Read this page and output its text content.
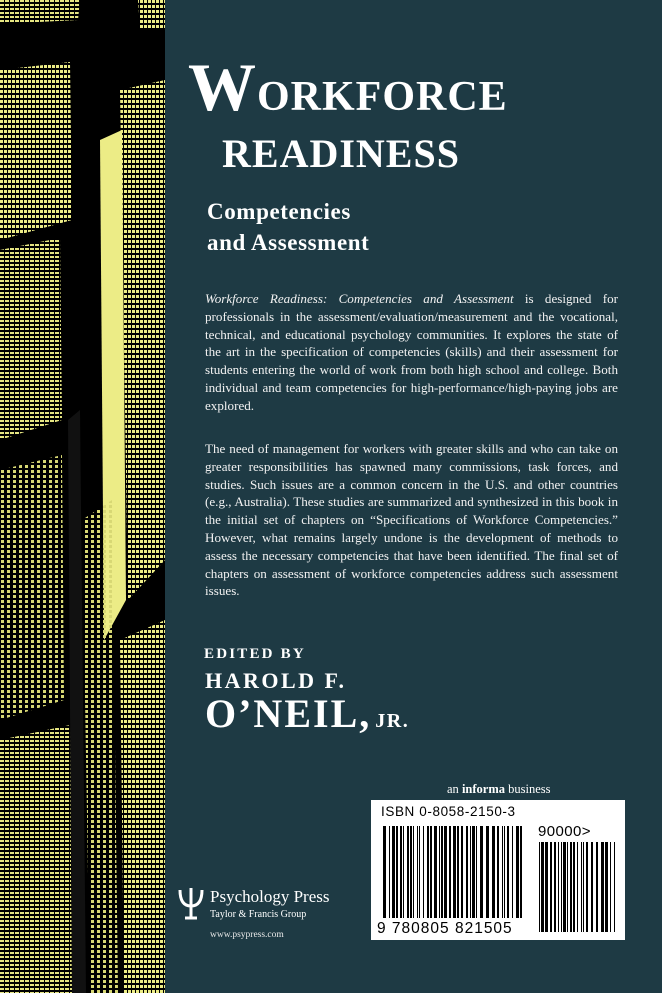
WORKFORCE
READINESS
Competencies
and Assessment
Workforce Readiness: Competencies and Assessment is designed for professionals in the assessment/evaluation/measurement and the vocational, technical, and educational psychology communities. It explores the state of the art in the specification of competencies (skills) and their assessment for students entering the world of work from both high school and college. Both individual and team competencies for high-performance/high-paying jobs are explored.
The need of management for workers with greater skills and who can take on greater responsibilities has spawned many commissions, task forces, and studies. Such issues are a common concern in the U.S. and other countries (e.g., Australia). These studies are summarized and synthesized in this book in the initial set of chapters on “Specifications of Workforce Competencies.” However, what remains largely undone is the development of methods to assess the necessary competencies that have been identified. The final set of chapters on assessment of workforce competencies address such assessment issues.
EDITED BY
HAROLD F.
O’NEIL, JR.
an informa business
ISBN 0-8058-2150-3
90000>
9 780805 821505
Psychology Press
Taylor & Francis Group
www.psypress.com
